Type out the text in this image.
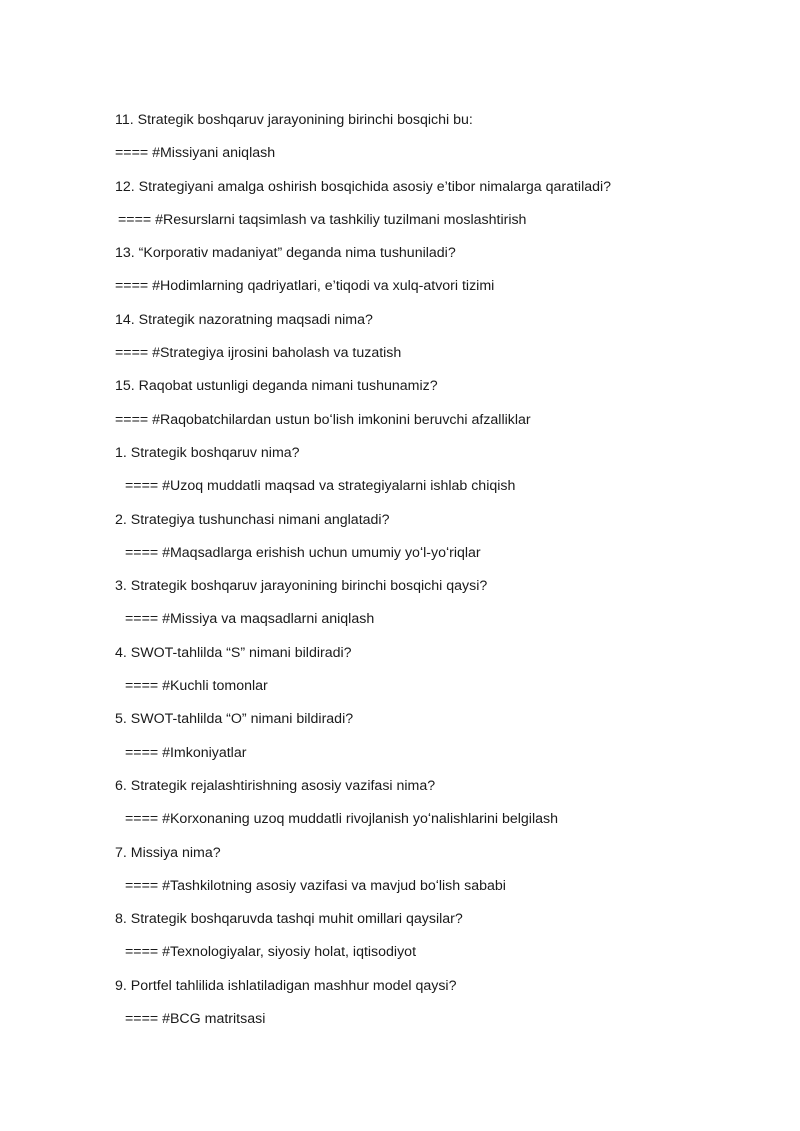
11. Strategik boshqaruv jarayonining birinchi bosqichi bu:
==== #Missiyani aniqlash
12. Strategiyani amalga oshirish bosqichida asosiy e’tibor nimalarga qaratiladi?
==== #Resurslarni taqsimlash va tashkiliy tuzilmani moslashtirish
13. “Korporativ madaniyat” deganda nima tushuniladi?
==== #Hodimlarning qadriyatlari, e’tiqodi va xulq-atvori tizimi
14. Strategik nazoratning maqsadi nima?
==== #Strategiya ijrosini baholash va tuzatish
15. Raqobat ustunligi deganda nimani tushunamiz?
==== #Raqobatchilardan ustun boʻlish imkonini beruvchi afzalliklar
1. Strategik boshqaruv nima?
==== #Uzoq muddatli maqsad va strategiyalarni ishlab chiqish
2. Strategiya tushunchasi nimani anglatadi?
==== #Maqsadlarga erishish uchun umumiy yoʻl-yoʻriqlar
3. Strategik boshqaruv jarayonining birinchi bosqichi qaysi?
==== #Missiya va maqsadlarni aniqlash
4. SWOT-tahlilda “S” nimani bildiradi?
==== #Kuchli tomonlar
5. SWOT-tahlilda “O” nimani bildiradi?
==== #Imkoniyatlar
6. Strategik rejalashtirishning asosiy vazifasi nima?
==== #Korxonaning uzoq muddatli rivojlanish yoʻnalishlarini belgilash
7. Missiya nima?
==== #Tashkilotning asosiy vazifasi va mavjud boʻlish sababi
8. Strategik boshqaruvda tashqi muhit omillari qaysilar?
==== #Texnologiyalar, siyosiy holat, iqtisodiyot
9. Portfel tahlilida ishlatiladigan mashhur model qaysi?
==== #BCG matritsasi
